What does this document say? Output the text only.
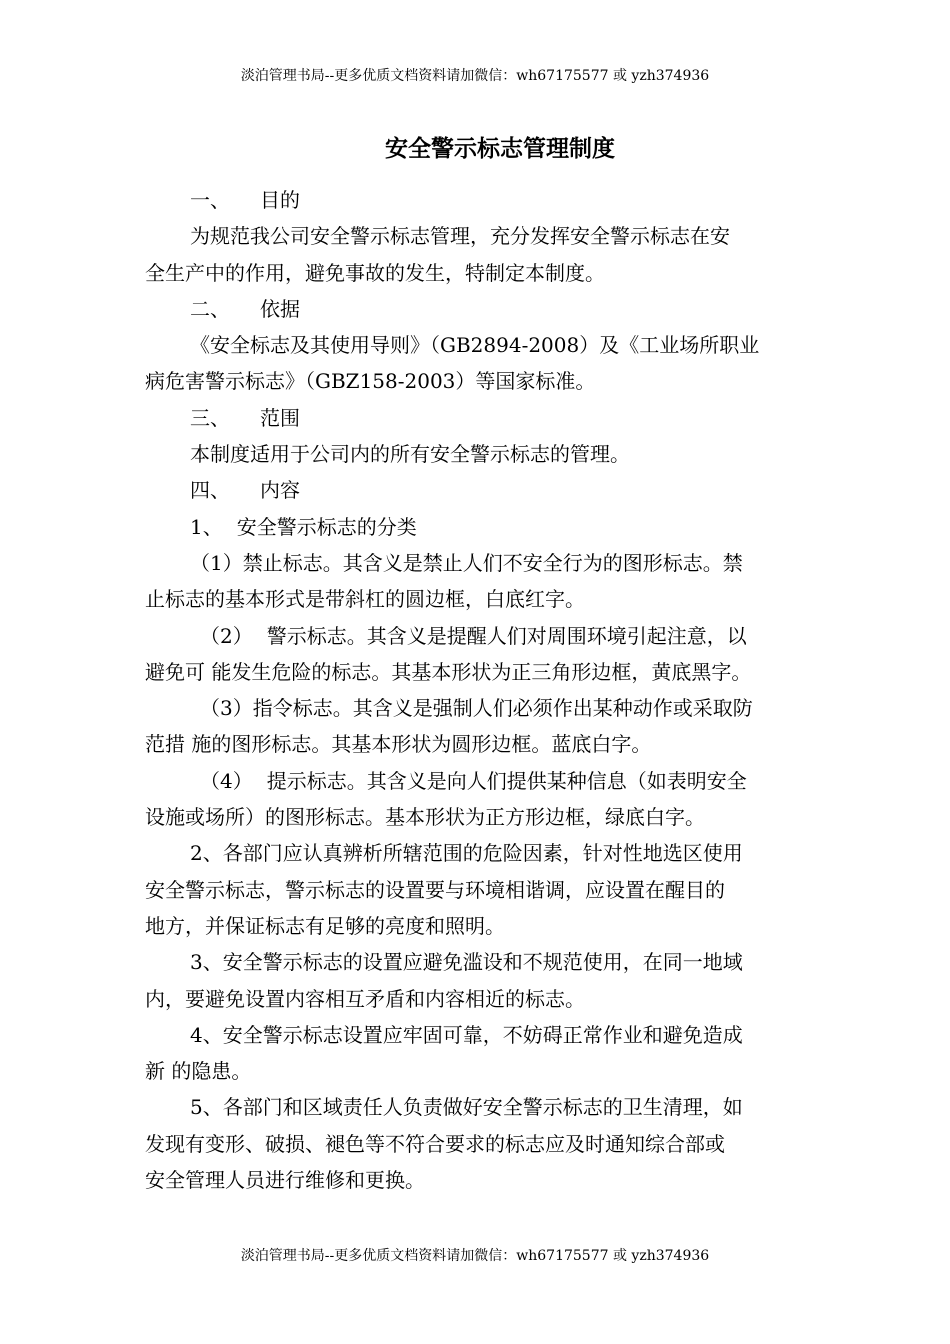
淡泊管理书局--更多优质文档资料请加微信：wh67175577 或 yzh374936
安全警示标志管理制度
一、 目的
为规范我公司安全警示标志管理，充分发挥安全警示标志在安
全生产中的作用，避免事故的发生，特制定本制度。
二、 依据
《安全标志及其使用导则》（GB2894-2008）及《工业场所职业
病危害警示标志》（GBZ158-2003）等国家标准。
三、 范围
本制度适用于公司内的所有安全警示标志的管理。
四、 内容
1、 安全警示标志的分类
（1）禁止标志。其含义是禁止人们不安全行为的图形标志。禁
止标志的基本形式是带斜杠的圆边框，白底红字。
（2） 警示标志。其含义是提醒人们对周围环境引起注意，以
避免可 能发生危险的标志。其基本形状为正三角形边框，黄底黑字。
（3）指令标志。其含义是强制人们必须作出某种动作或采取防
范措 施的图形标志。其基本形状为圆形边框。蓝底白字。
（4） 提示标志。其含义是向人们提供某种信息（如表明安全
设施或场所）的图形标志。基本形状为正方形边框，绿底白字。
2、各部门应认真辨析所辖范围的危险因素，针对性地选区使用
安全警示标志，警示标志的设置要与环境相谐调，应设置在醒目的
地方，并保证标志有足够的亮度和照明。
3、安全警示标志的设置应避免滥设和不规范使用，在同一地域
内，要避免设置内容相互矛盾和内容相近的标志。
4、安全警示标志设置应牢固可靠，不妨碍正常作业和避免造成
新 的隐患。
5、各部门和区域责任人负责做好安全警示标志的卫生清理，如
发现有变形、破损、褪色等不符合要求的标志应及时通知综合部或
安全管理人员进行维修和更换。
淡泊管理书局--更多优质文档资料请加微信：wh67175577 或 yzh374936
